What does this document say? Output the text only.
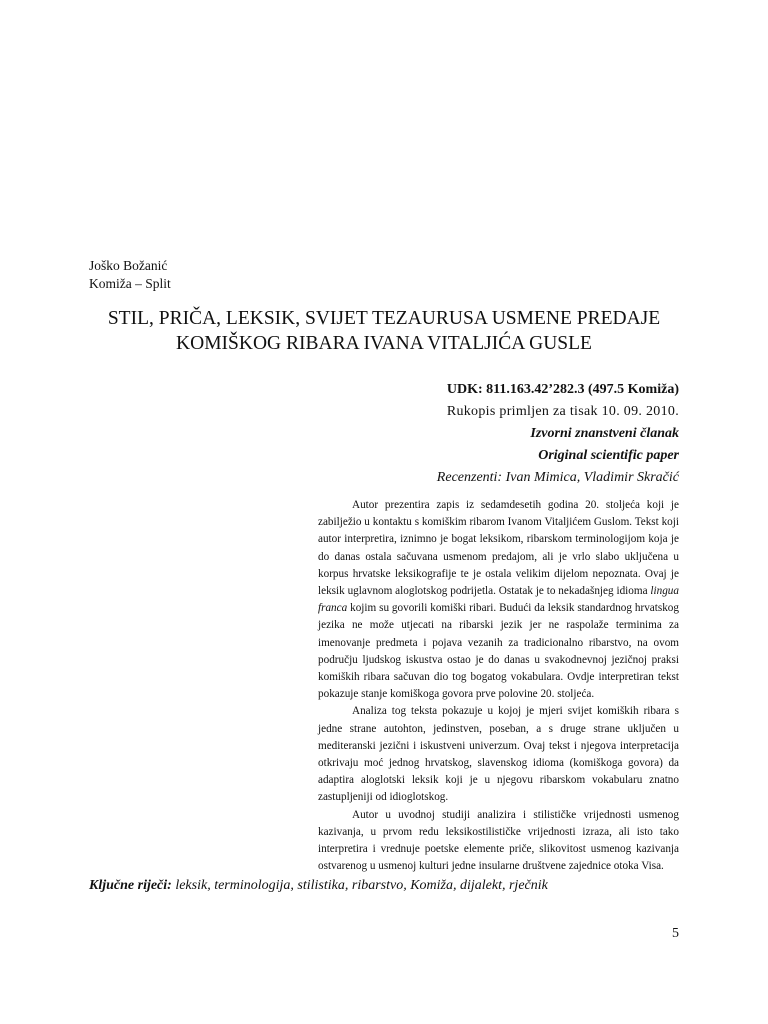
Joško Božanić
Komiža – Split
STIL, PRIČA, LEKSIK, SVIJET TEZAURUSA USMENE PREDAJE
KOMIŠKOG RIBARA IVANA VITALJIĆA GUSLE
UDK: 811.163.42’282.3 (497.5 Komiža)
Rukopis primljen za tisak 10. 09. 2010.
Izvorni znanstveni članak
Original scientific paper
Recenzenti: Ivan Mimica, Vladimir Skračić

Autor prezentira zapis iz sedamdesetih godina 20. stoljeća koji je zabilježio u kontaktu s komiškim ribarom Ivanom Vitaljićem Guslom. Tekst koji autor interpretira, iznimno je bogat leksikom, ribarskom terminologijom koja je do danas ostala sačuvana usmenom predajom, ali je vrlo slabo uključena u korpus hrvatske leksikografije te je ostala velikim dijelom nepoznata. Ovaj je leksik uglavnom aloglotskog podrijetla. Ostatak je to nekadašnjeg idioma lingua franca kojim su govorili komiški ribari. Budući da leksik standardnog hrvatskog jezika ne može utjecati na ribarski jezik jer ne raspolaže terminima za imenovanje predmeta i pojava vezanih za tradicionalno ribarstvo, na ovom području ljudskog iskustva ostao je do danas u svakodnevnoj jezičnoj praksi komiških ribara sačuvan dio tog bogatog vokabulara. Ovdje interpretiran tekst pokazuje stanje komiškoga govora prve polovine 20. stoljeća.

Analiza tog teksta pokazuje u kojoj je mjeri svijet komiških ribara s jedne strane autohton, jedinstven, poseban, a s druge strane uključen u mediteranski jezični i iskustveni univerzum. Ovaj tekst i njegova interpretacija otkrivaju moć jednog hrvatskog, slavenskog idioma (komiškoga govora) da adaptira aloglotski leksik koji je u njegovu ribarskom vokabularu znatno zastupljeniji od idioglotskog.

Autor u uvodnoj studiji analizira i stilističke vrijednosti usmenog kazivanja, u prvom redu leksikostilističke vrijednosti izraza, ali isto tako interpretira i vrednuje poetske elemente priče, slikovitost usmenog kazivanja ostvarenog u usmenoj kulturi jedne insularne društvene zajednice otoka Visa.

Ključne riječi: leksik, terminologija, stilistika, ribarstvo, Komiža, dijalekt, rječnik
5
